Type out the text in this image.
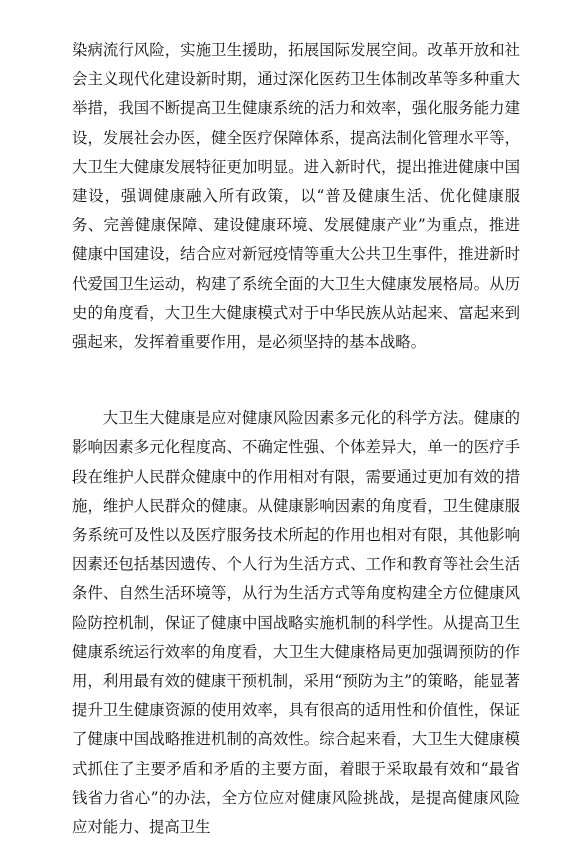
染病流行风险，实施卫生援助，拓展国际发展空间。改革开放和社会主义现代化建设新时期，通过深化医药卫生体制改革等多种重大举措，我国不断提高卫生健康系统的活力和效率，强化服务能力建设，发展社会办医，健全医疗保障体系，提高法制化管理水平等，大卫生大健康发展特征更加明显。进入新时代，提出推进健康中国建设，强调健康融入所有政策，以“普及健康生活、优化健康服务、完善健康保障、建设健康环境、发展健康产业”为重点，推进健康中国建设，结合应对新冠疫情等重大公共卫生事件，推进新时代爱国卫生运动，构建了系统全面的大卫生大健康发展格局。从历史的角度看，大卫生大健康模式对于中华民族从站起来、富起来到强起来，发挥着重要作用，是必须坚持的基本战略。

大卫生大健康是应对健康风险因素多元化的科学方法。健康的影响因素多元化程度高、不确定性强、个体差异大，单一的医疗手段在维护人民群众健康中的作用相对有限，需要通过更加有效的措施，维护人民群众的健康。从健康影响因素的角度看，卫生健康服务系统可及性以及医疗服务技术所起的作用也相对有限，其他影响因素还包括基因遗传、个人行为生活方式、工作和教育等社会生活条件、自然生活环境等，从行为生活方式等角度构建全方位健康风险防控机制，保证了健康中国战略实施机制的科学性。从提高卫生健康系统运行效率的角度看，大卫生大健康格局更加强调预防的作用，利用最有效的健康干预机制，采用“预防为主”的策略，能显著提升卫生健康资源的使用效率，具有很高的适用性和价值性，保证了健康中国战略推进机制的高效性。综合起来看，大卫生大健康模式抓住了主要矛盾和矛盾的主要方面，着眼于采取最有效和“最省钱省力省心”的办法，全方位应对健康风险挑战，是提高健康风险应对能力、提高卫生
